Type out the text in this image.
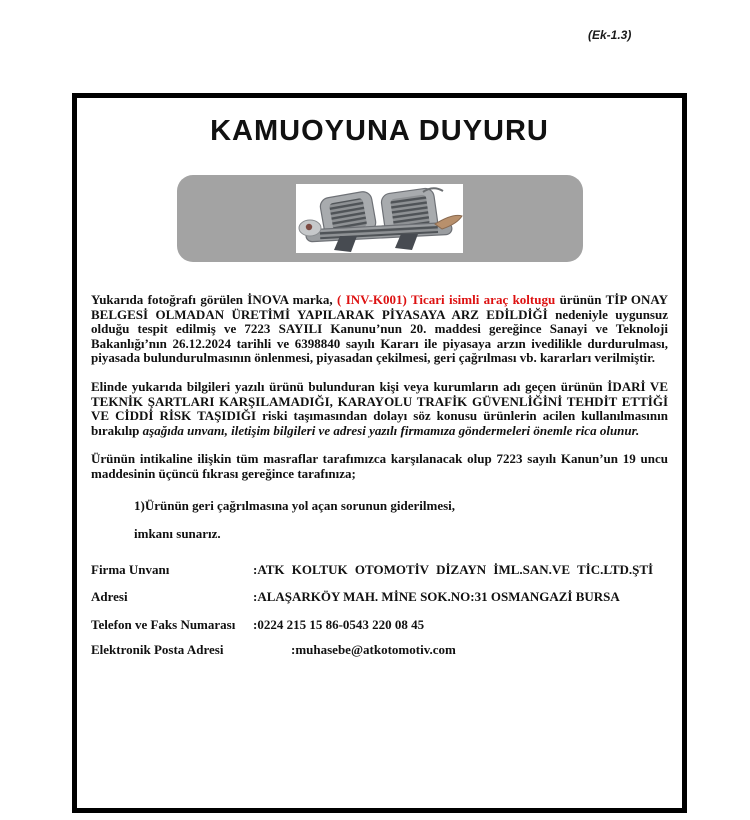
(Ek-1.3)
KAMUOYUNA DUYURU

Yukarıda fotoğrafı görülen İNOVA marka, ( INV-K001) Ticari isimli araç koltugu ürünün TİP ONAY BELGESİ OLMADAN ÜRETİMİ YAPILARAK PİYASAYA ARZ EDİLDİĞİ nedeniyle uygunsuz olduğu tespit edilmiş ve 7223 SAYILI Kanunu’nun 20. maddesi gereğince Sanayi ve Teknoloji Bakanlığı’nın 26.12.2024 tarihli ve 6398840 sayılı Kararı ile piyasaya arzın ivedilikle durdurulması, piyasada bulundurulmasının önlenmesi, piyasadan çekilmesi, geri çağrılması vb. kararları verilmiştir.

Elinde yukarıda bilgileri yazılı ürünü bulunduran kişi veya kurumların adı geçen ürünün İDARİ VE TEKNİK ŞARTLARI KARŞILAMADIĞI, KARAYOLU TRAFİK GÜVENLİĞİNİ TEHDİT ETTİĞİ VE CİDDİ RİSK TAŞIDIĞI riski taşımasından dolayı söz konusu ürünlerin acilen kullanılmasının bırakılıp aşağıda unvanı, iletişim bilgileri ve adresi yazılı firmamıza göndermeleri önemle rica olunur.

Ürünün intikaline ilişkin tüm masraflar tarafımızca karşılanacak olup 7223 sayılı Kanun’un 19 uncu maddesinin üçüncü fıkrası gereğince tarafınıza;

1)Ürünün geri çağrılmasına yol açan sorunun giderilmesi,

imkanı sunarız.

Firma Unvanı	:ATK KOLTUK OTOMOTİV DİZAYN İML.SAN.VE TİC.LTD.ŞTİ

Adresi	:ALAŞARKÖY MAH. MİNE SOK.NO:31 OSMANGAZİ BURSA

Telefon ve Faks Numarası :0224 215 15 86-0543 220 08 45

Elektronik Posta Adresi	:muhasebe@atkotomotiv.com
